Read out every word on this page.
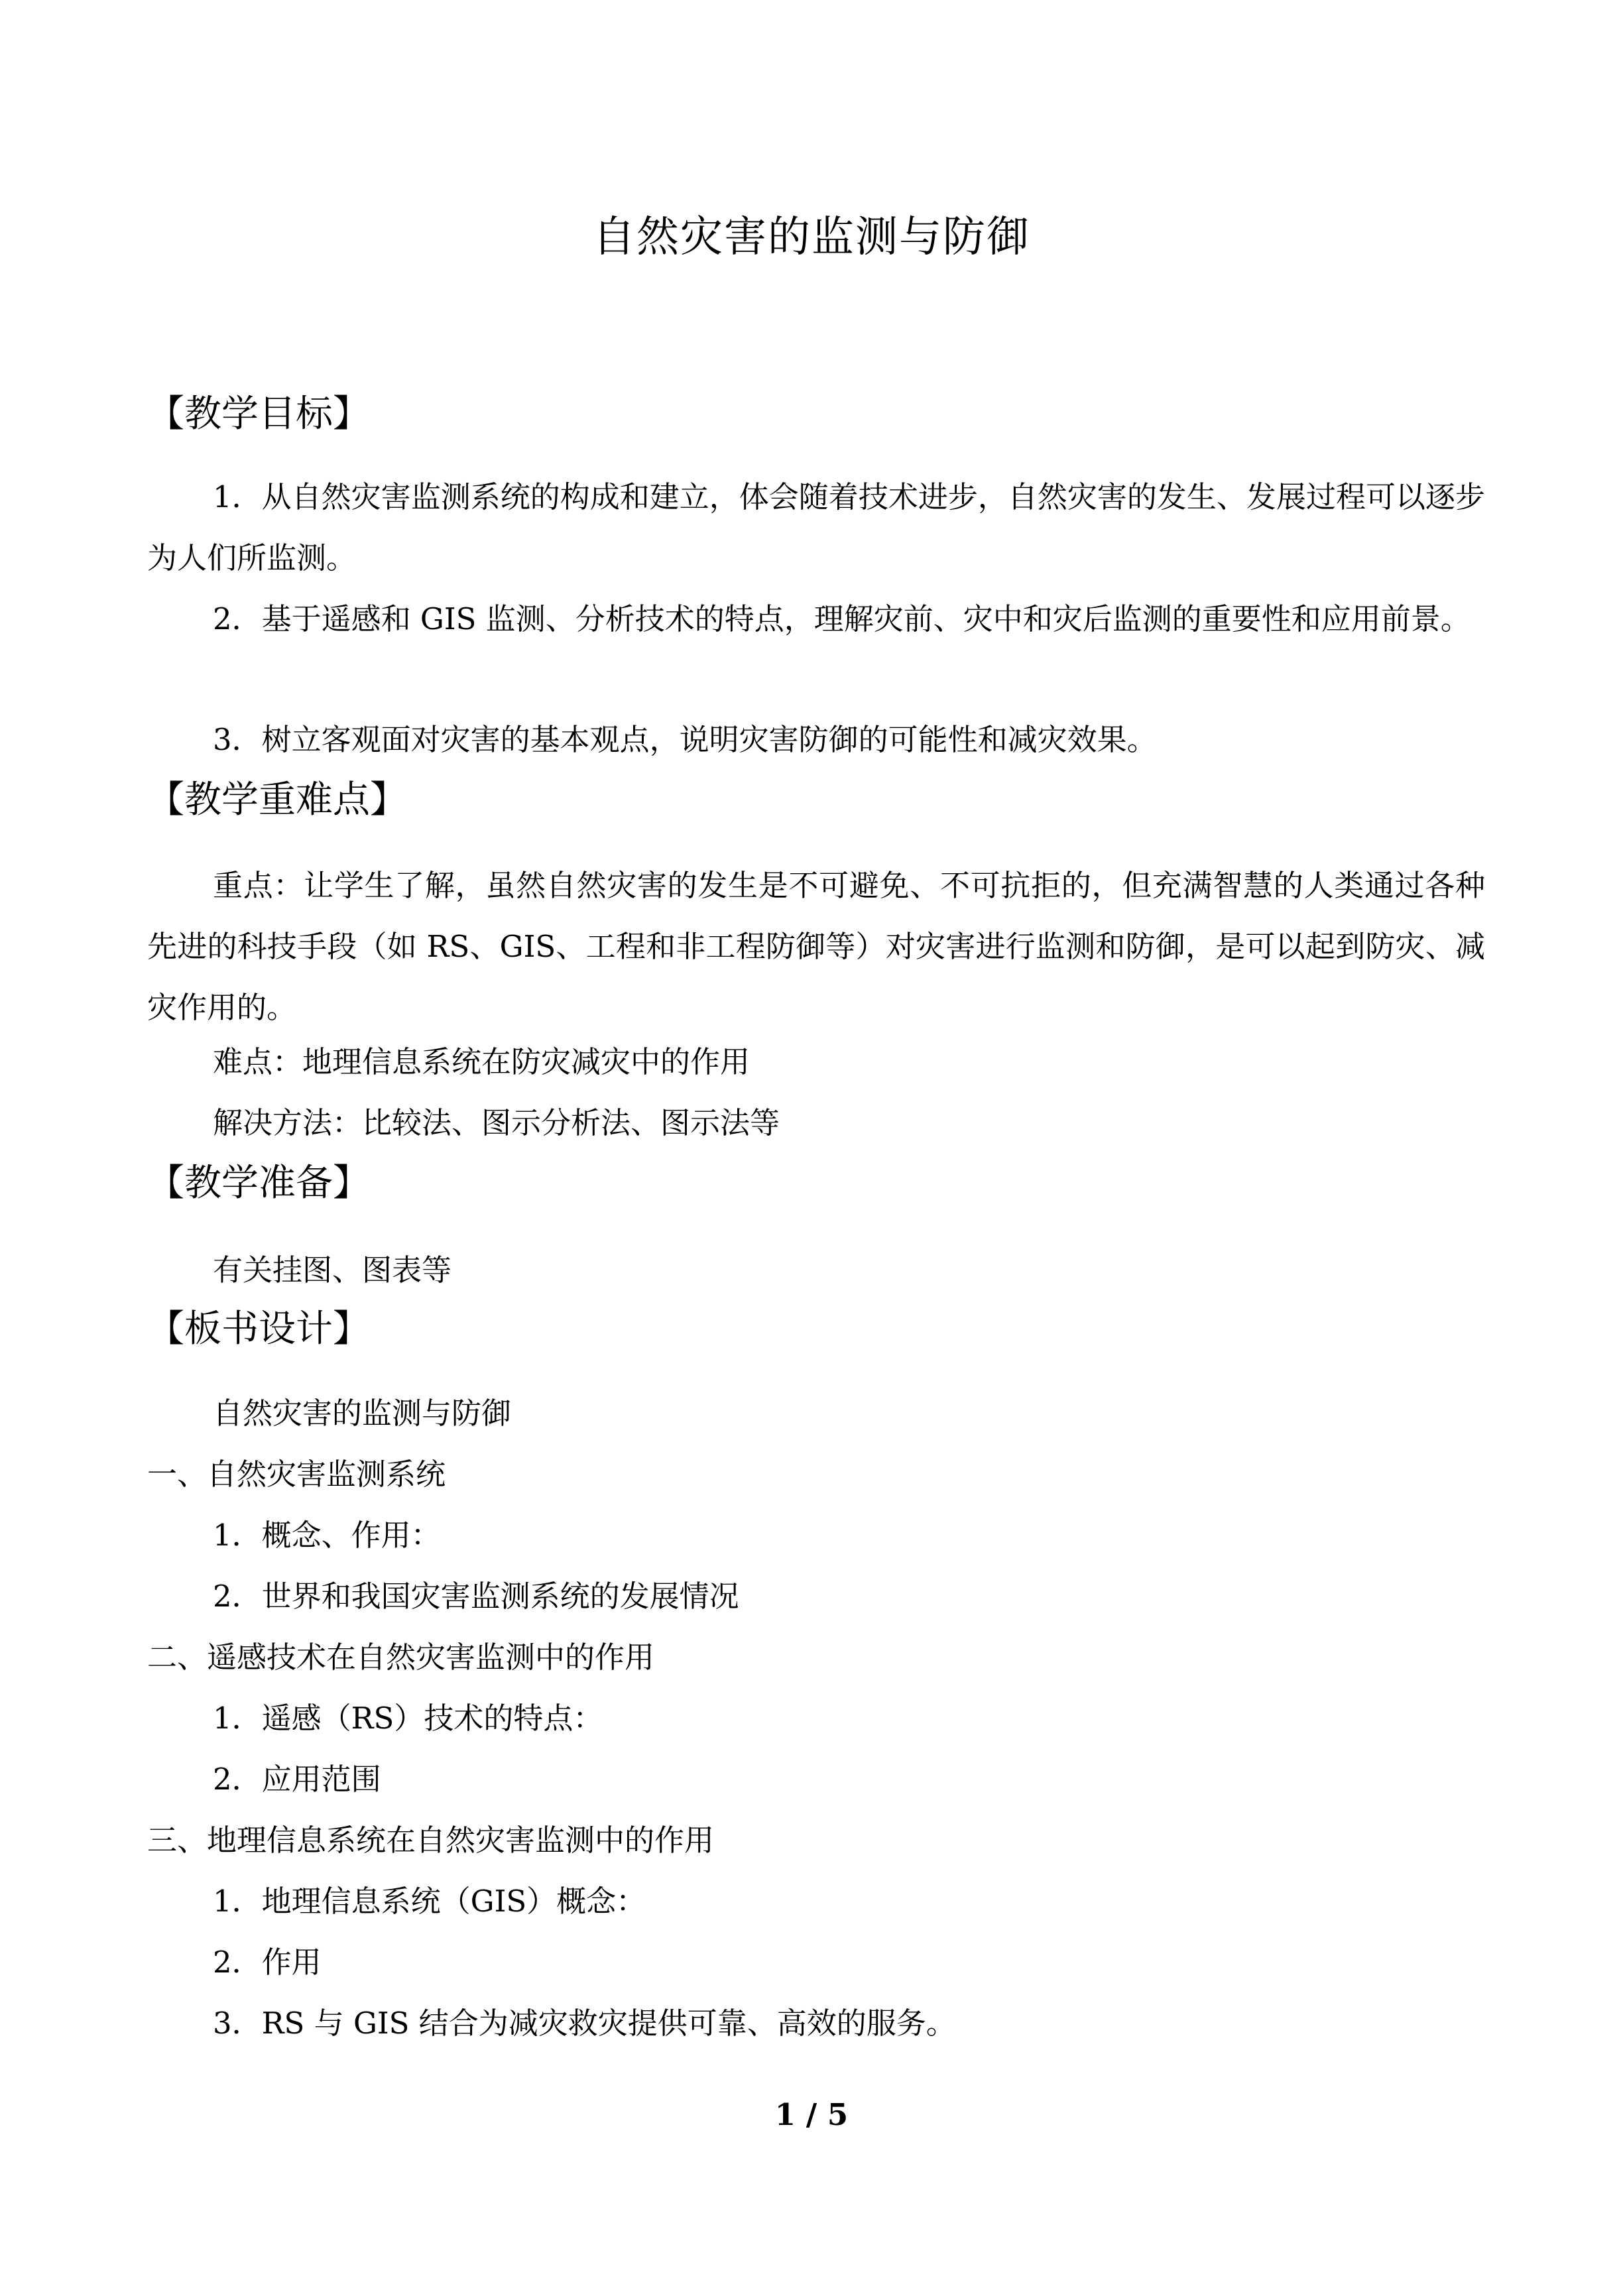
自然灾害的监测与防御
【教学目标】
1．从自然灾害监测系统的构成和建立，体会随着技术进步，自然灾害的发生、发展过程可以逐步为人们所监测。
2．基于遥感和 GIS 监测、分析技术的特点，理解灾前、灾中和灾后监测的重要性和应用前景。
3．树立客观面对灾害的基本观点，说明灾害防御的可能性和减灾效果。
【教学重难点】
重点：让学生了解，虽然自然灾害的发生是不可避免、不可抗拒的，但充满智慧的人类通过各种先进的科技手段（如 RS、GIS、工程和非工程防御等）对灾害进行监测和防御，是可以起到防灾、减灾作用的。
难点：地理信息系统在防灾减灾中的作用
解决方法：比较法、图示分析法、图示法等
【教学准备】
有关挂图、图表等
【板书设计】
自然灾害的监测与防御
一、自然灾害监测系统
1．概念、作用：
2．世界和我国灾害监测系统的发展情况
二、遥感技术在自然灾害监测中的作用
1．遥感（RS）技术的特点：
2．应用范围
三、地理信息系统在自然灾害监测中的作用
1．地理信息系统（GIS）概念：
2．作用
3．RS 与 GIS 结合为减灾救灾提供可靠、高效的服务。
1 / 5
